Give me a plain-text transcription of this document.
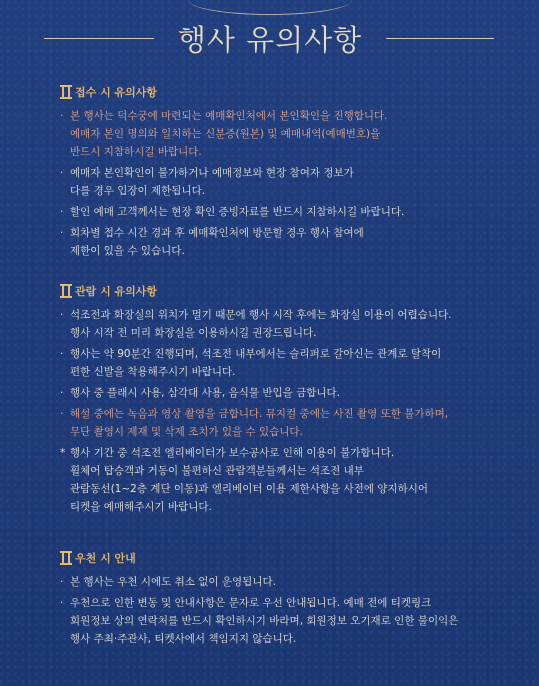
행사 유의사항
접수 시 유의사항
· 본 행사는 덕수궁에 마련되는 예매확인처에서 본인확인을 진행합니다.
예매자 본인 명의와 일치하는 신분증(원본) 및 예매내역(예매번호)을
반드시 지참하시길 바랍니다.
· 예매자 본인확인이 불가하거나 예매정보와 현장 참여자 정보가
다를 경우 입장이 제한됩니다.
· 할인 예매 고객께서는 현장 확인 증빙자료를 반드시 지참하시길 바랍니다.
· 회차별 접수 시간 경과 후 예매확인처에 방문할 경우 행사 참여에
제한이 있을 수 있습니다.
관람 시 유의사항
· 석조전과 화장실의 위치가 멀기 때문에 행사 시작 후에는 화장실 이용이 어렵습니다.
행사 시작 전 미리 화장실을 이용하시길 권장드립니다.
· 행사는 약 90분간 진행되며, 석조전 내부에서는 슬리퍼로 갈아신는 관계로 탈착이
편한 신발을 착용해주시기 바랍니다.
· 행사 중 플래시 사용, 삼각대 사용, 음식물 반입을 금합니다.
· 해설 중에는 녹음과 영상 촬영을 금합니다. 뮤지컬 중에는 사진 촬영 또한 불가하며,
무단 촬영시 제재 및 삭제 조치가 있을 수 있습니다.
* 행사 기간 중 석조전 엘리베이터가 보수공사로 인해 이용이 불가합니다.
휠체어 탑승객과 거동이 불편하신 관람객분들께서는 석조전 내부
관람동선(1~2층 계단 이동)과 엘리베이터 이용 제한사항을 사전에 양지하시어
티켓을 예매해주시기 바랍니다.
우천 시 안내
· 본 행사는 우천 시에도 취소 없이 운영됩니다.
· 우천으로 인한 변동 및 안내사항은 문자로 우선 안내됩니다. 예매 전에 티켓링크
회원정보 상의 연락처를 반드시 확인하시기 바라며, 회원정보 오기재로 인한 불이익은
행사 주최·주관사, 티켓사에서 책임지지 않습니다.
